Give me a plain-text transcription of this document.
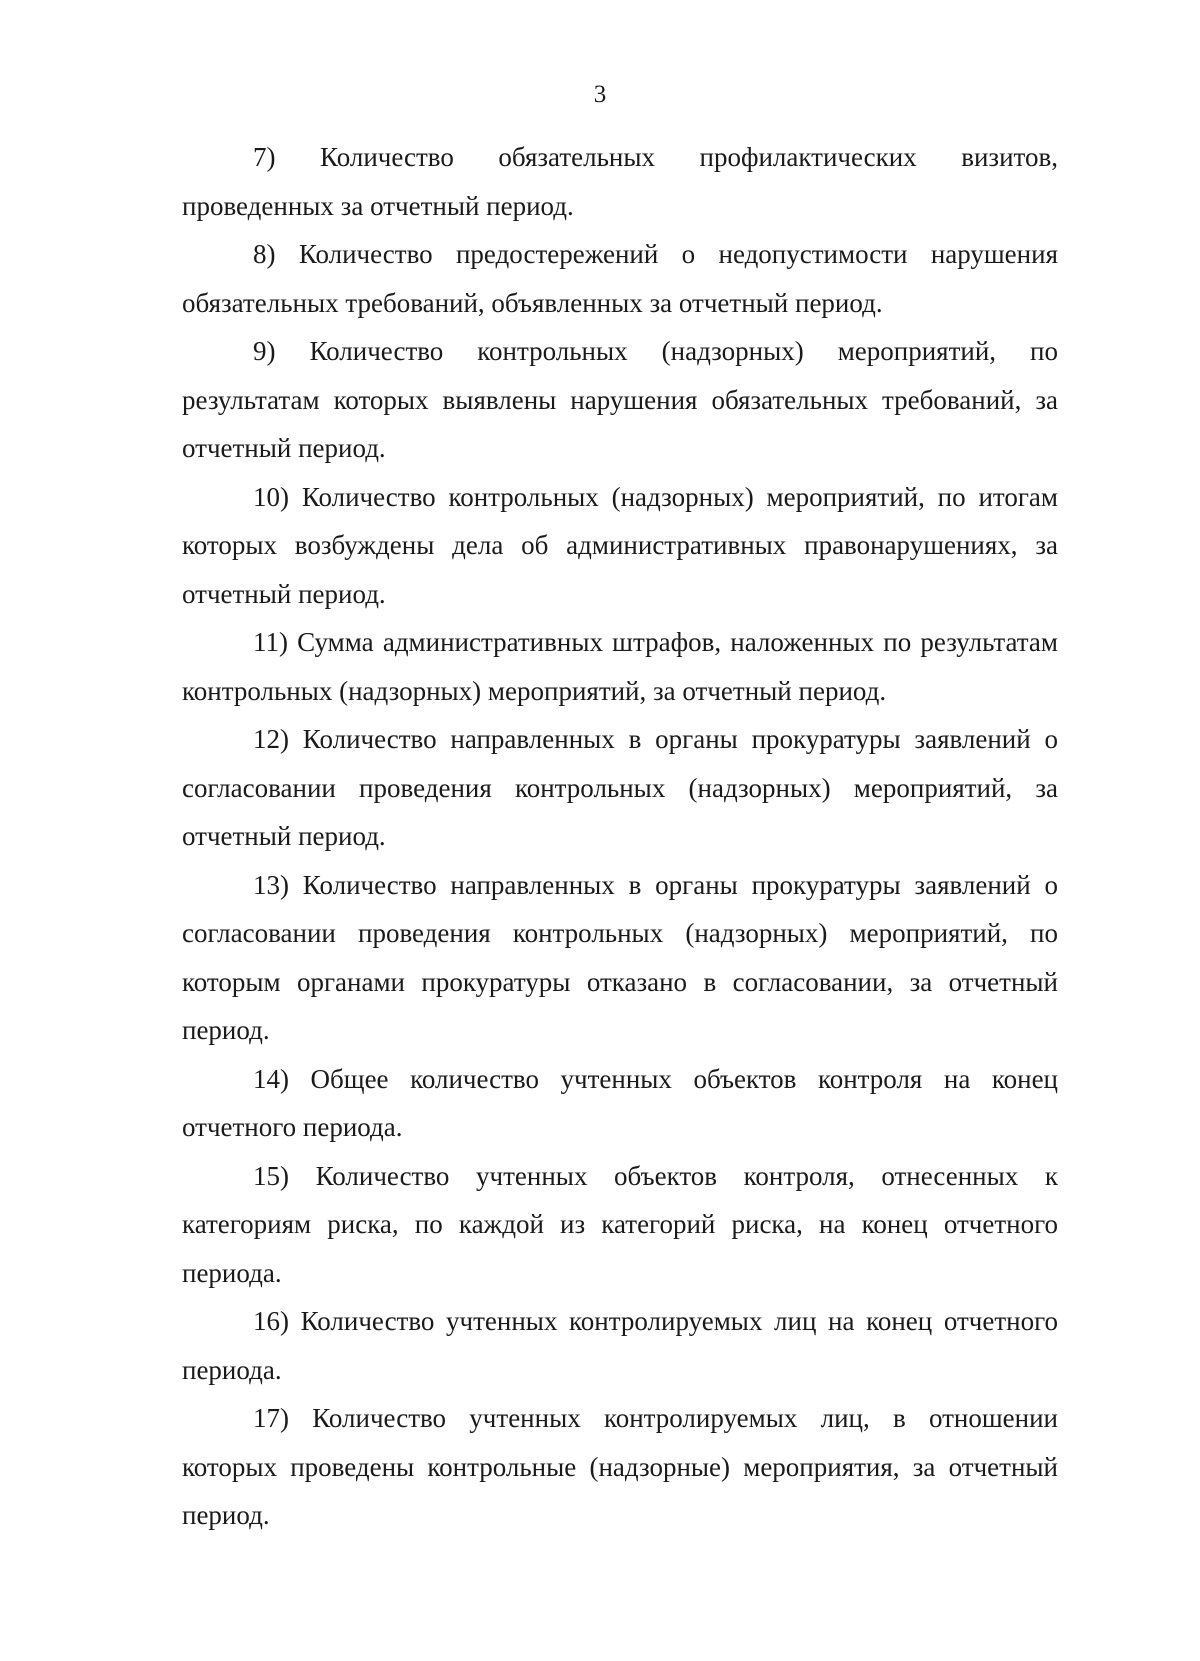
3

7) Количество обязательных профилактических визитов, проведенных за отчетный период.

8) Количество предостережений о недопустимости нарушения обязательных требований, объявленных за отчетный период.

9) Количество контрольных (надзорных) мероприятий, по результатам которых выявлены нарушения обязательных требований, за отчетный период.

10) Количество контрольных (надзорных) мероприятий, по итогам которых возбуждены дела об административных правонарушениях, за отчетный период.

11) Сумма административных штрафов, наложенных по результатам контрольных (надзорных) мероприятий, за отчетный период.

12) Количество направленных в органы прокуратуры заявлений о согласовании проведения контрольных (надзорных) мероприятий, за отчетный период.

13) Количество направленных в органы прокуратуры заявлений о согласовании проведения контрольных (надзорных) мероприятий, по которым органами прокуратуры отказано в согласовании, за отчетный период.

14) Общее количество учтенных объектов контроля на конец отчетного периода.

15) Количество учтенных объектов контроля, отнесенных к категориям риска, по каждой из категорий риска, на конец отчетного периода.

16) Количество учтенных контролируемых лиц на конец отчетного периода.

17) Количество учтенных контролируемых лиц, в отношении которых проведены контрольные (надзорные) мероприятия, за отчетный период.
